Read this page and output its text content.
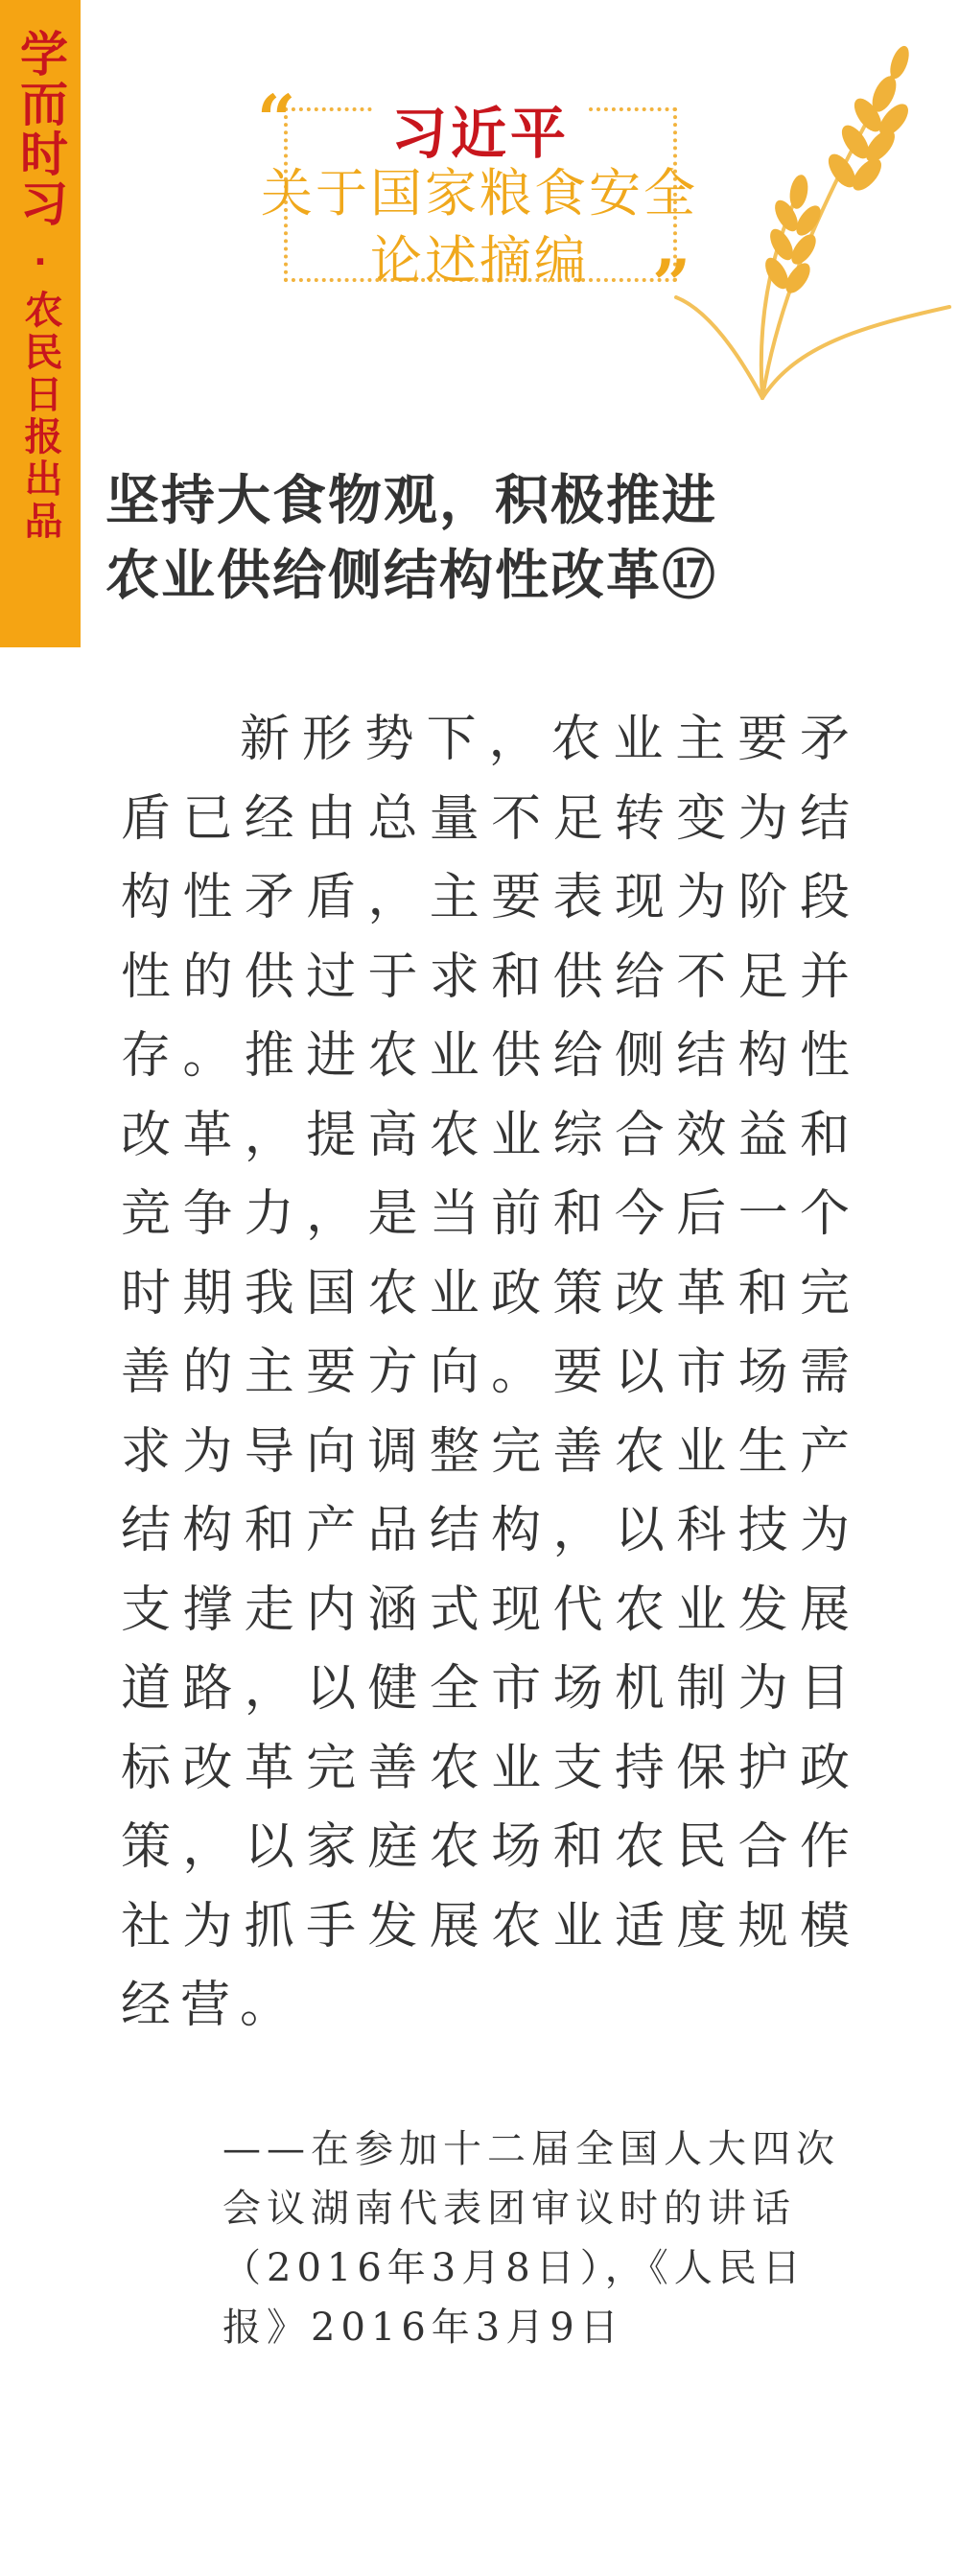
学而时习
·
农民日报出品
“
”
习近平
关于国家粮食安全
论述摘编
坚持大食物观，积极推进
农业供给侧结构性改革⑰
新形势下，农业主要矛盾已经由总量不足转变为结构性矛盾，主要表现为阶段性的供过于求和供给不足并存。推进农业供给侧结构性改革，提高农业综合效益和竞争力，是当前和今后一个时期我国农业政策改革和完善的主要方向。要以市场需求为导向调整完善农业生产结构和产品结构，以科技为支撑走内涵式现代农业发展道路，以健全市场机制为目标改革完善农业支持保护政策，以家庭农场和农民合作社为抓手发展农业适度规模经营。
——在参加十二届全国人大四次会议湖南代表团审议时的讲话（2016年3月8日），《人民日报》2016年3月9日
